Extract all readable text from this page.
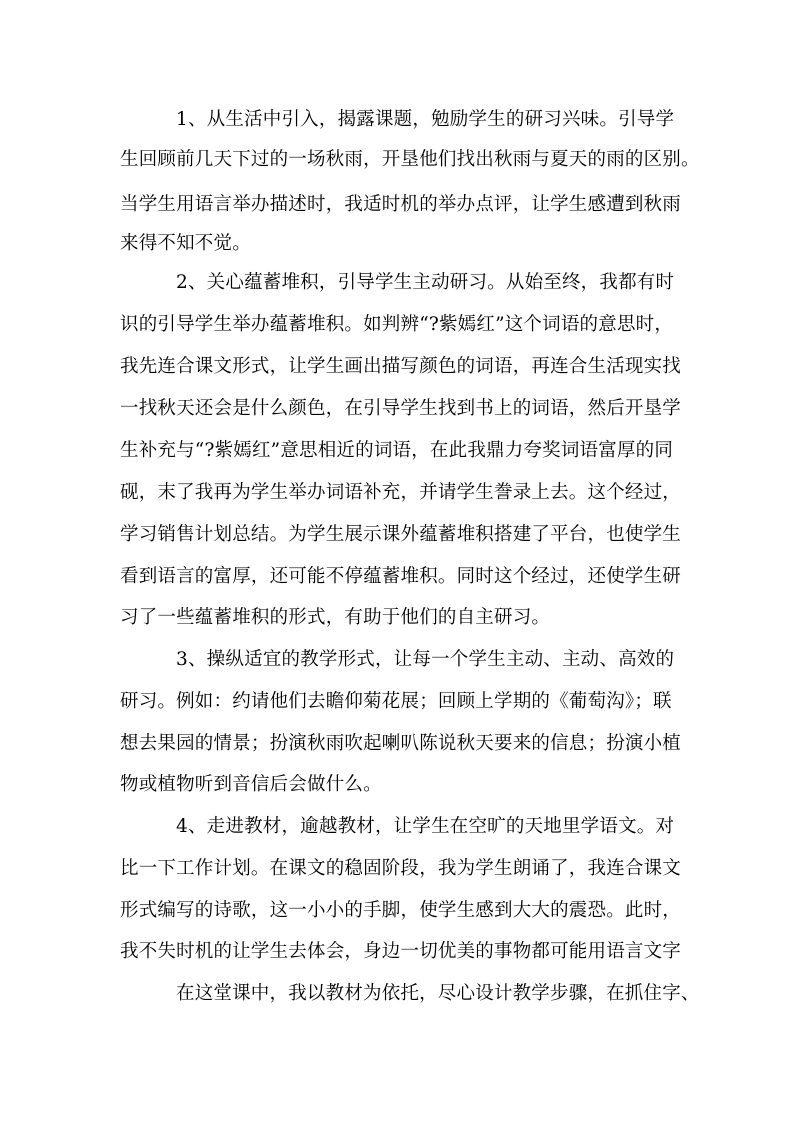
1、从生活中引入，揭露课题，勉励学生的研习兴味。引导学
生回顾前几天下过的一场秋雨，开垦他们找出秋雨与夏天的雨的区别。
当学生用语言举办描述时，我适时机的举办点评，让学生感遭到秋雨
来得不知不觉。
2、关心蕴蓄堆积，引导学生主动研习。从始至终，我都有时
识的引导学生举办蕴蓄堆积。如判辨“?紫嫣红”这个词语的意思时，
我先连合课文形式，让学生画出描写颜色的词语，再连合生活现实找
一找秋天还会是什么颜色，在引导学生找到书上的词语，然后开垦学
生补充与“?紫嫣红”意思相近的词语，在此我鼎力夸奖词语富厚的同
砚，末了我再为学生举办词语补充，并请学生誊录上去。这个经过，
学习销售计划总结。为学生展示课外蕴蓄堆积搭建了平台，也使学生
看到语言的富厚，还可能不停蕴蓄堆积。同时这个经过，还使学生研
习了一些蕴蓄堆积的形式，有助于他们的自主研习。
3、操纵适宜的教学形式，让每一个学生主动、主动、高效的
研习。例如：约请他们去瞻仰菊花展；回顾上学期的《葡萄沟》；联
想去果园的情景；扮演秋雨吹起喇叭陈说秋天要来的信息；扮演小植
物或植物听到音信后会做什么。
4、走进教材，逾越教材，让学生在空旷的天地里学语文。对
比一下工作计划。在课文的稳固阶段，我为学生朗诵了，我连合课文
形式编写的诗歌，这一小小的手脚，使学生感到大大的震恐。此时，
我不失时机的让学生去体会，身边一切优美的事物都可能用语言文字
在这堂课中，我以教材为依托，尽心设计教学步骤，在抓住字、
